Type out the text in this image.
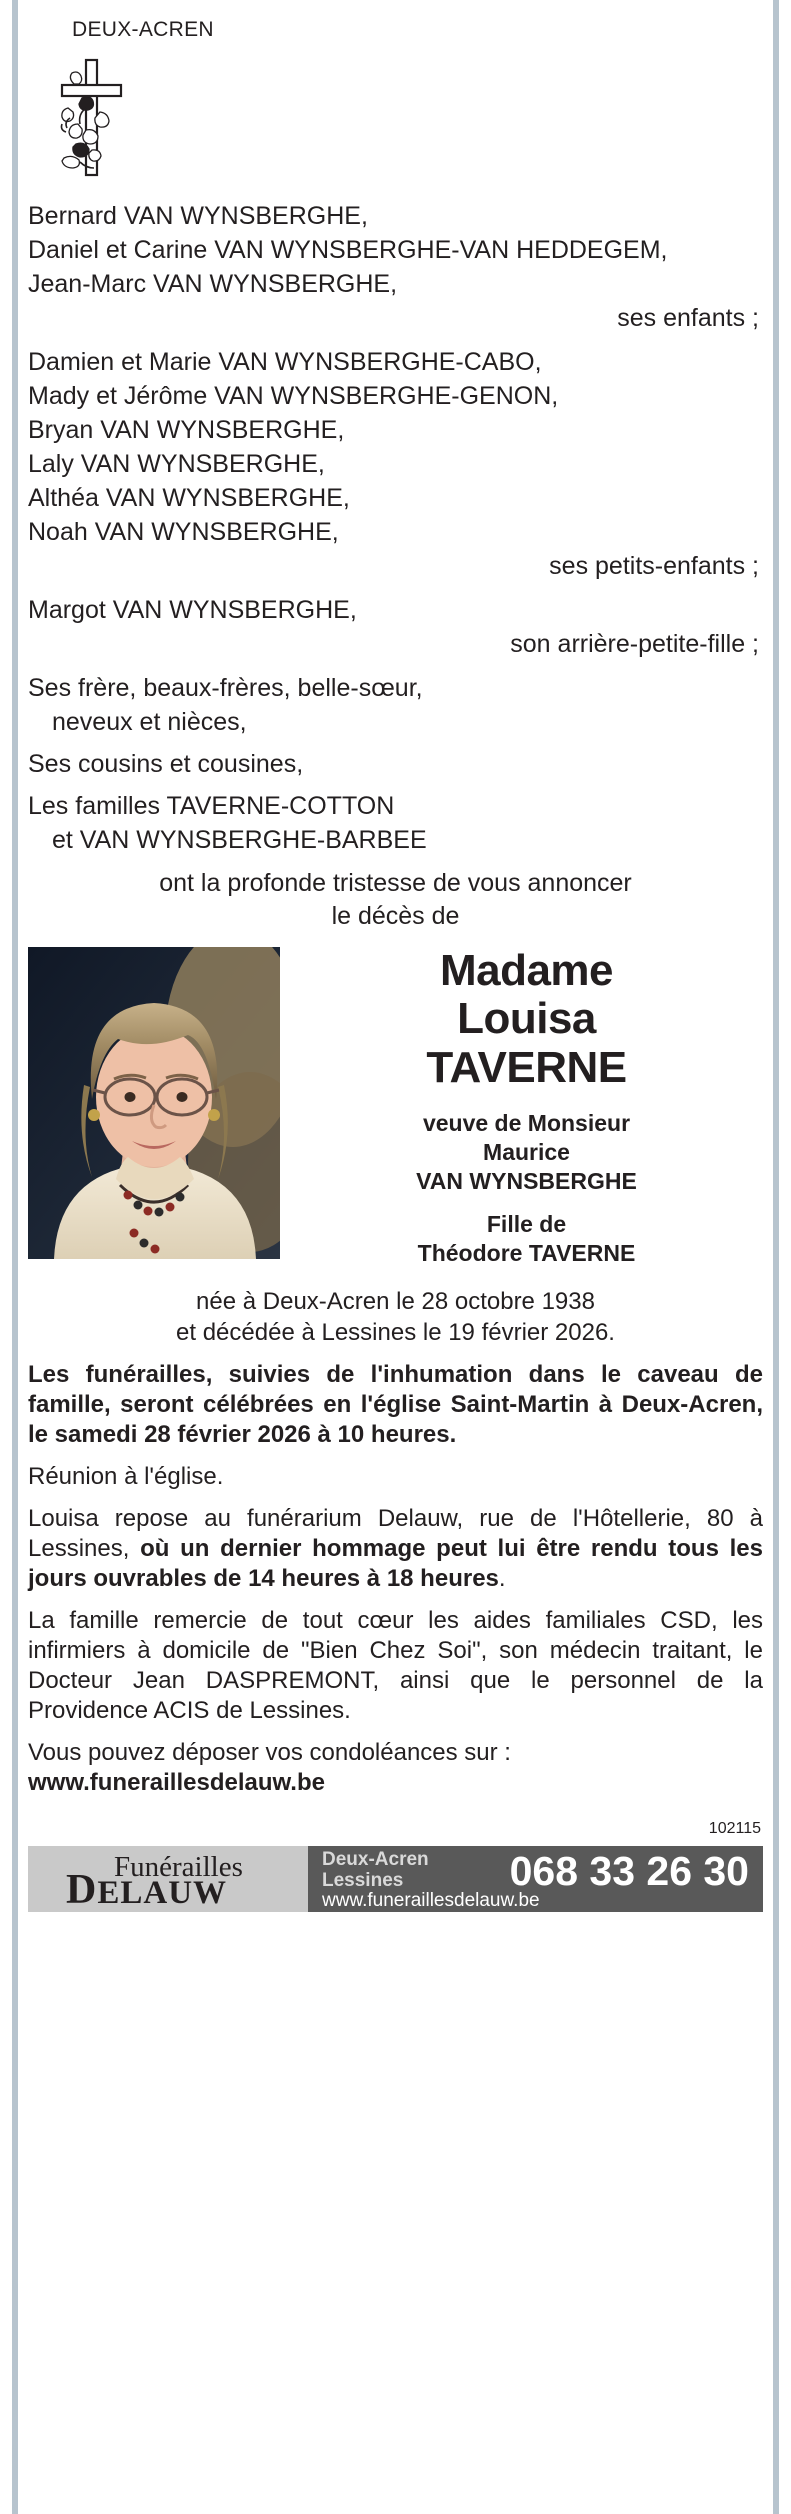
DEUX-ACREN
Bernard VAN WYNSBERGHE,
Daniel et Carine VAN WYNSBERGHE-VAN HEDDEGEM,
Jean-Marc VAN WYNSBERGHE,
ses enfants ;
Damien et Marie VAN WYNSBERGHE-CABO,
Mady et Jérôme VAN WYNSBERGHE-GENON,
Bryan VAN WYNSBERGHE,
Laly VAN WYNSBERGHE,
Althéa VAN WYNSBERGHE,
Noah VAN WYNSBERGHE,
ses petits-enfants ;
Margot VAN WYNSBERGHE,
son arrière-petite-fille ;
Ses frère, beaux-frères, belle-sœur,
neveux et nièces,
Ses cousins et cousines,
Les familles TAVERNE-COTTON
et VAN WYNSBERGHE-BARBEE
ont la profonde tristesse de vous annoncer
le décès de
Madame
Louisa
TAVERNE
veuve de Monsieur
Maurice
VAN WYNSBERGHE
Fille de
Théodore TAVERNE
née à Deux-Acren le 28 octobre 1938
et décédée à Lessines le 19 février 2026.

Les funérailles, suivies de l'inhumation dans le caveau de famille, seront célébrées en l'église Saint-Martin à Deux-Acren, le samedi 28 février 2026 à 10 heures.

Réunion à l'église.

Louisa repose au funérarium Delauw, rue de l'Hôtellerie, 80 à Lessines, où un dernier hommage peut lui être rendu tous les jours ouvrables de 14 heures à 18 heures.

La famille remercie de tout cœur les aides familiales CSD, les infirmiers à domicile de "Bien Chez Soi", son médecin traitant, le Docteur Jean DASPREMONT, ainsi que le personnel de la Providence ACIS de Lessines.

Vous pouvez déposer vos condoléances sur :

www.funeraillesdelauw.be

102115
Funérailles
DELAUW
Deux-Acren
Lessines
www.funeraillesdelauw.be
068 33 26 30
